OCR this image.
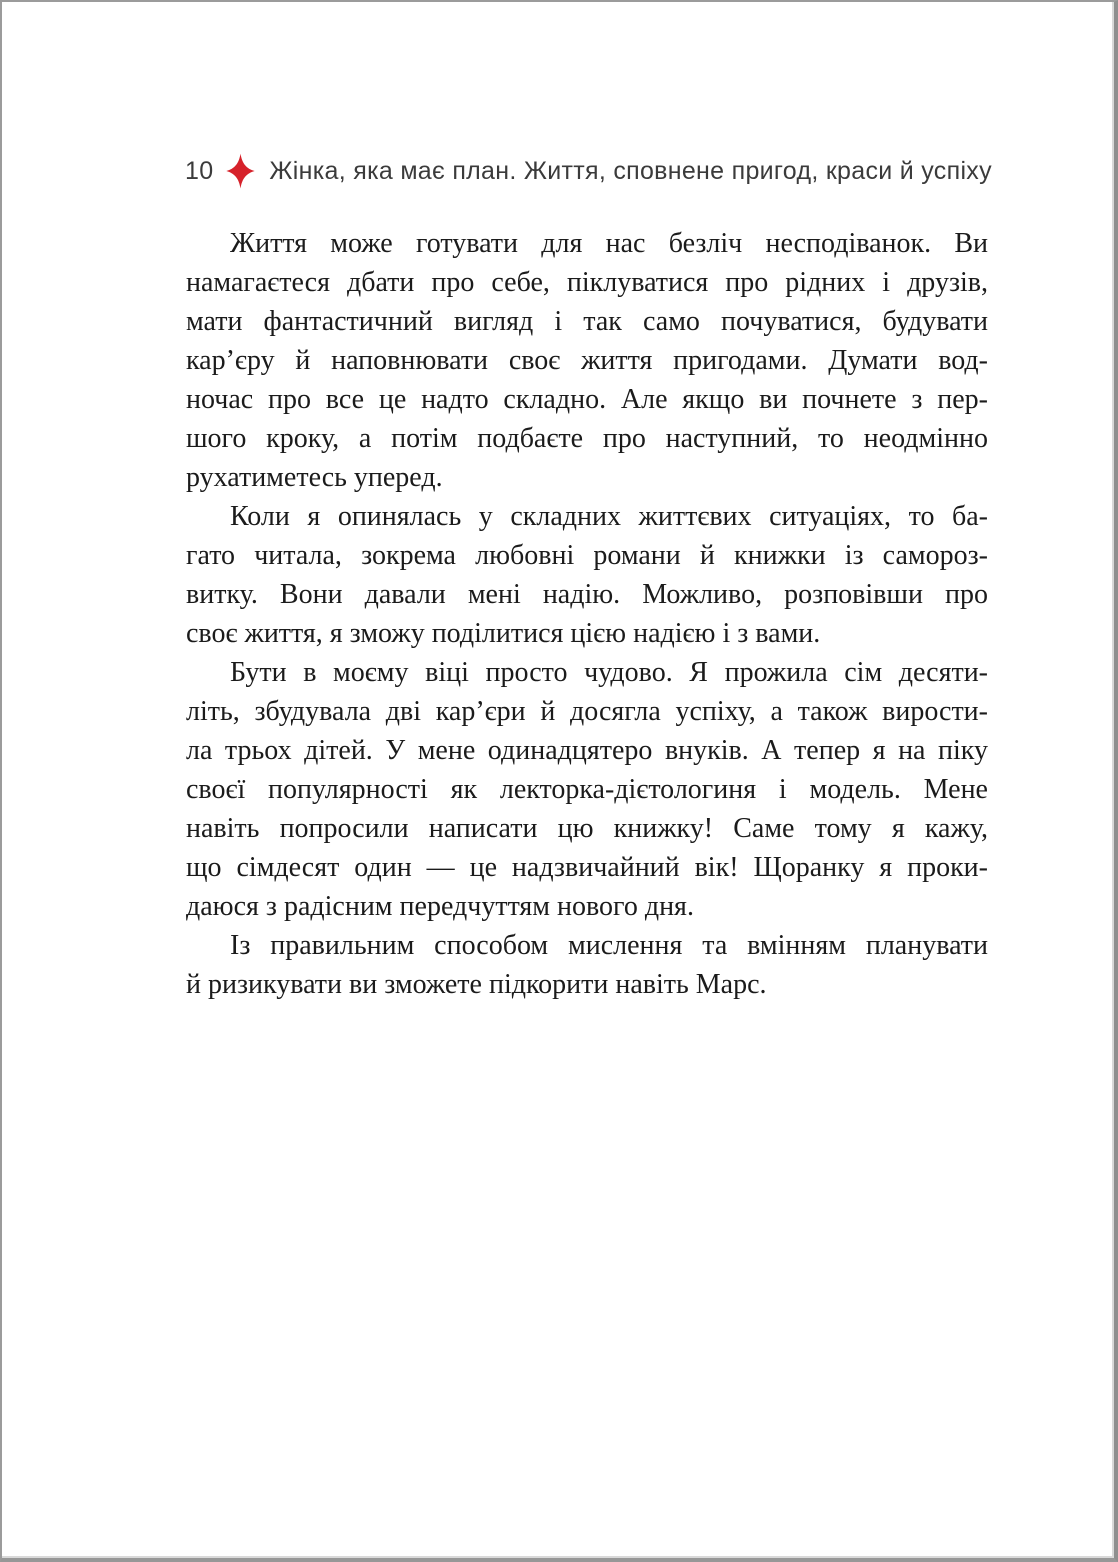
10 Жінка, яка має план. Життя, сповнене пригод, краси й успіху
Життя може готувати для нас безліч несподіванок. Ви
намагаєтеся дбати про себе, піклуватися про рідних і друзів,
мати фантастичний вигляд і так само почуватися, будувати
кар’єру й наповнювати своє життя пригодами. Думати вод-
ночас про все це надто складно. Але якщо ви почнете з пер-
шого кроку, а потім подбаєте про наступний, то неодмінно
рухатиметесь уперед.
Коли я опинялась у складних життєвих ситуаціях, то ба-
гато читала, зокрема любовні романи й книжки із самороз-
витку. Вони давали мені надію. Можливо, розповівши про
своє життя, я зможу поділитися цією надією і з вами.
Бути в моєму віці просто чудово. Я прожила сім десяти-
літь, збудувала дві кар’єри й досягла успіху, а також вирости-
ла трьох дітей. У мене одинадцятеро внуків. А тепер я на піку
своєї популярності як лекторка-дієтологиня і модель. Мене
навіть попросили написати цю книжку! Саме тому я кажу,
що сімдесят один — це надзвичайний вік! Щоранку я проки-
даюся з радісним передчуттям нового дня.
Із правильним способом мислення та вмінням планувати
й ризикувати ви зможете підкорити навіть Марс.
